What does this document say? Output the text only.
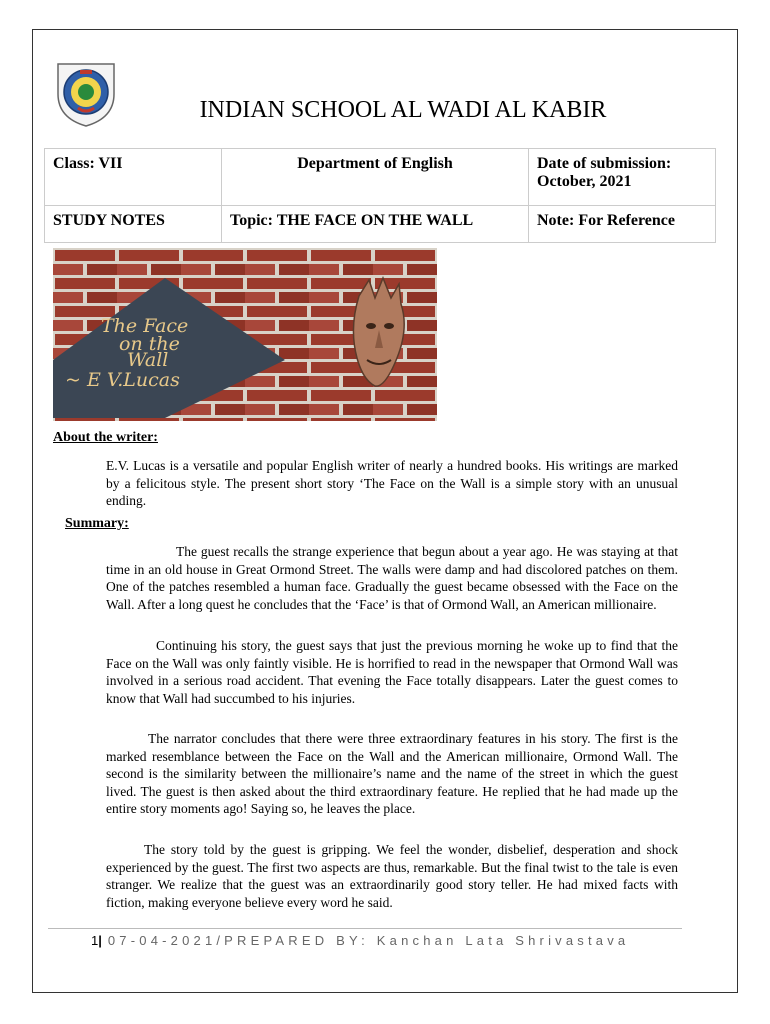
INDIAN SCHOOL AL WADI AL KABIR
Class: VII	Department of English	Date of submission:
October, 2021
STUDY NOTES	Topic: THE FACE ON THE WALL	Note: For Reference
The Face
on the
Wall
~ E V.Lucas
About the writer:
E.V. Lucas is a versatile and popular English writer of nearly a hundred books. His writings are marked by a felicitous style. The present short story ‘The Face on the Wall is a simple story with an unusual ending.
Summary:
The guest recalls the strange experience that begun about a year ago. He was staying at that time in an old house in Great Ormond Street. The walls were damp and had discolored patches on them. One of the patches resembled a human face. Gradually the guest became obsessed with the Face on the Wall. After a long quest he concludes that the ‘Face’ is that of Ormond Wall, an American millionaire.
Continuing his story, the guest says that just the previous morning he woke up to find that the Face on the Wall was only faintly visible. He is horrified to read in the newspaper that Ormond Wall was involved in a serious road accident. That evening the Face totally disappears. Later the guest comes to know that Wall had succumbed to his injuries.
The narrator concludes that there were three extraordinary features in his story. The first is the marked resemblance between the Face on the Wall and the American millionaire, Ormond Wall. The second is the similarity between the millionaire’s name and the name of the street in which the guest lived. The guest is then asked about the third extraordinary feature. He replied that he had made up the entire story moments ago! Saying so, he leaves the place.
The story told by the guest is gripping. We feel the wonder, disbelief, desperation and shock experienced by the guest. The first two aspects are thus, remarkable. But the final twist to the tale is even stranger. We realize that the guest was an extraordinarily good story teller. He had mixed facts with fiction, making everyone believe every word he said.
1| 07-04-2021/PREPARED BY: Kanchan Lata Shrivastava
